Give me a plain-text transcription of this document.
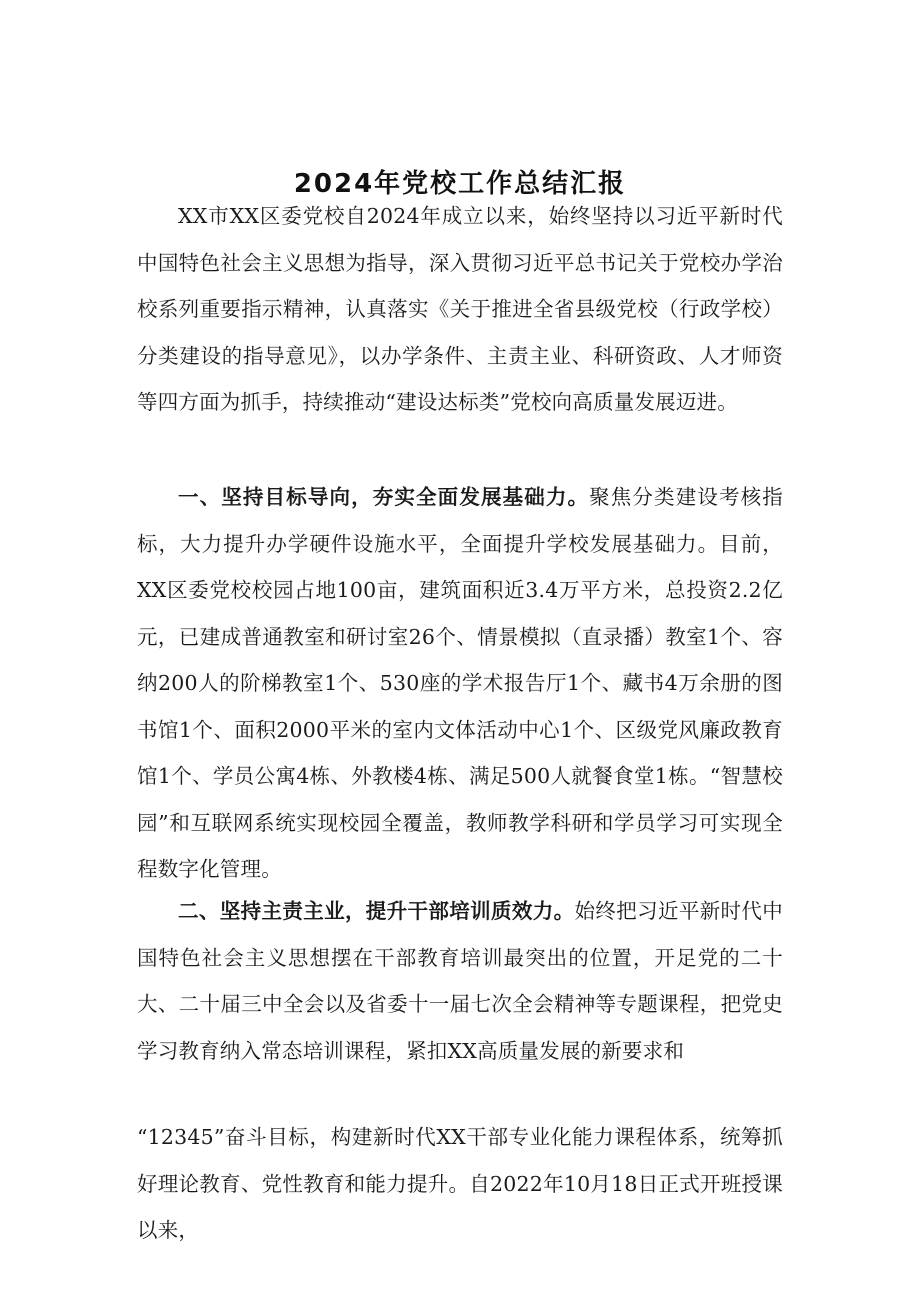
2024年党校工作总结汇报

XX市XX区委党校自2024年成立以来，始终坚持以习近平新时代中国特色社会主义思想为指导，深入贯彻习近平总书记关于党校办学治校系列重要指示精神，认真落实《关于推进全省县级党校（行政学校）分类建设的指导意见》，以办学条件、主责主业、科研资政、人才师资等四方面为抓手，持续推动“建设达标类”党校向高质量发展迈进。

一、坚持目标导向，夯实全面发展基础力。聚焦分类建设考核指标，大力提升办学硬件设施水平，全面提升学校发展基础力。目前，XX区委党校校园占地100亩，建筑面积近3.4万平方米，总投资2.2亿元，已建成普通教室和研讨室26个、情景模拟（直录播）教室1个、容纳200人的阶梯教室1个、530座的学术报告厅1个、藏书4万余册的图书馆1个、面积2000平米的室内文体活动中心1个、区级党风廉政教育馆1个、学员公寓4栋、外教楼4栋、满足500人就餐食堂1栋。“智慧校园”和互联网系统实现校园全覆盖，教师教学科研和学员学习可实现全程数字化管理。

二、坚持主责主业，提升干部培训质效力。始终把习近平新时代中国特色社会主义思想摆在干部教育培训最突出的位置，开足党的二十大、二十届三中全会以及省委十一届七次全会精神等专题课程，把党史学习教育纳入常态培训课程，紧扣XX高质量发展的新要求和

“12345”奋斗目标，构建新时代XX干部专业化能力课程体系，统筹抓好理论教育、党性教育和能力提升。自2022年10月18日正式开班授课以来，
